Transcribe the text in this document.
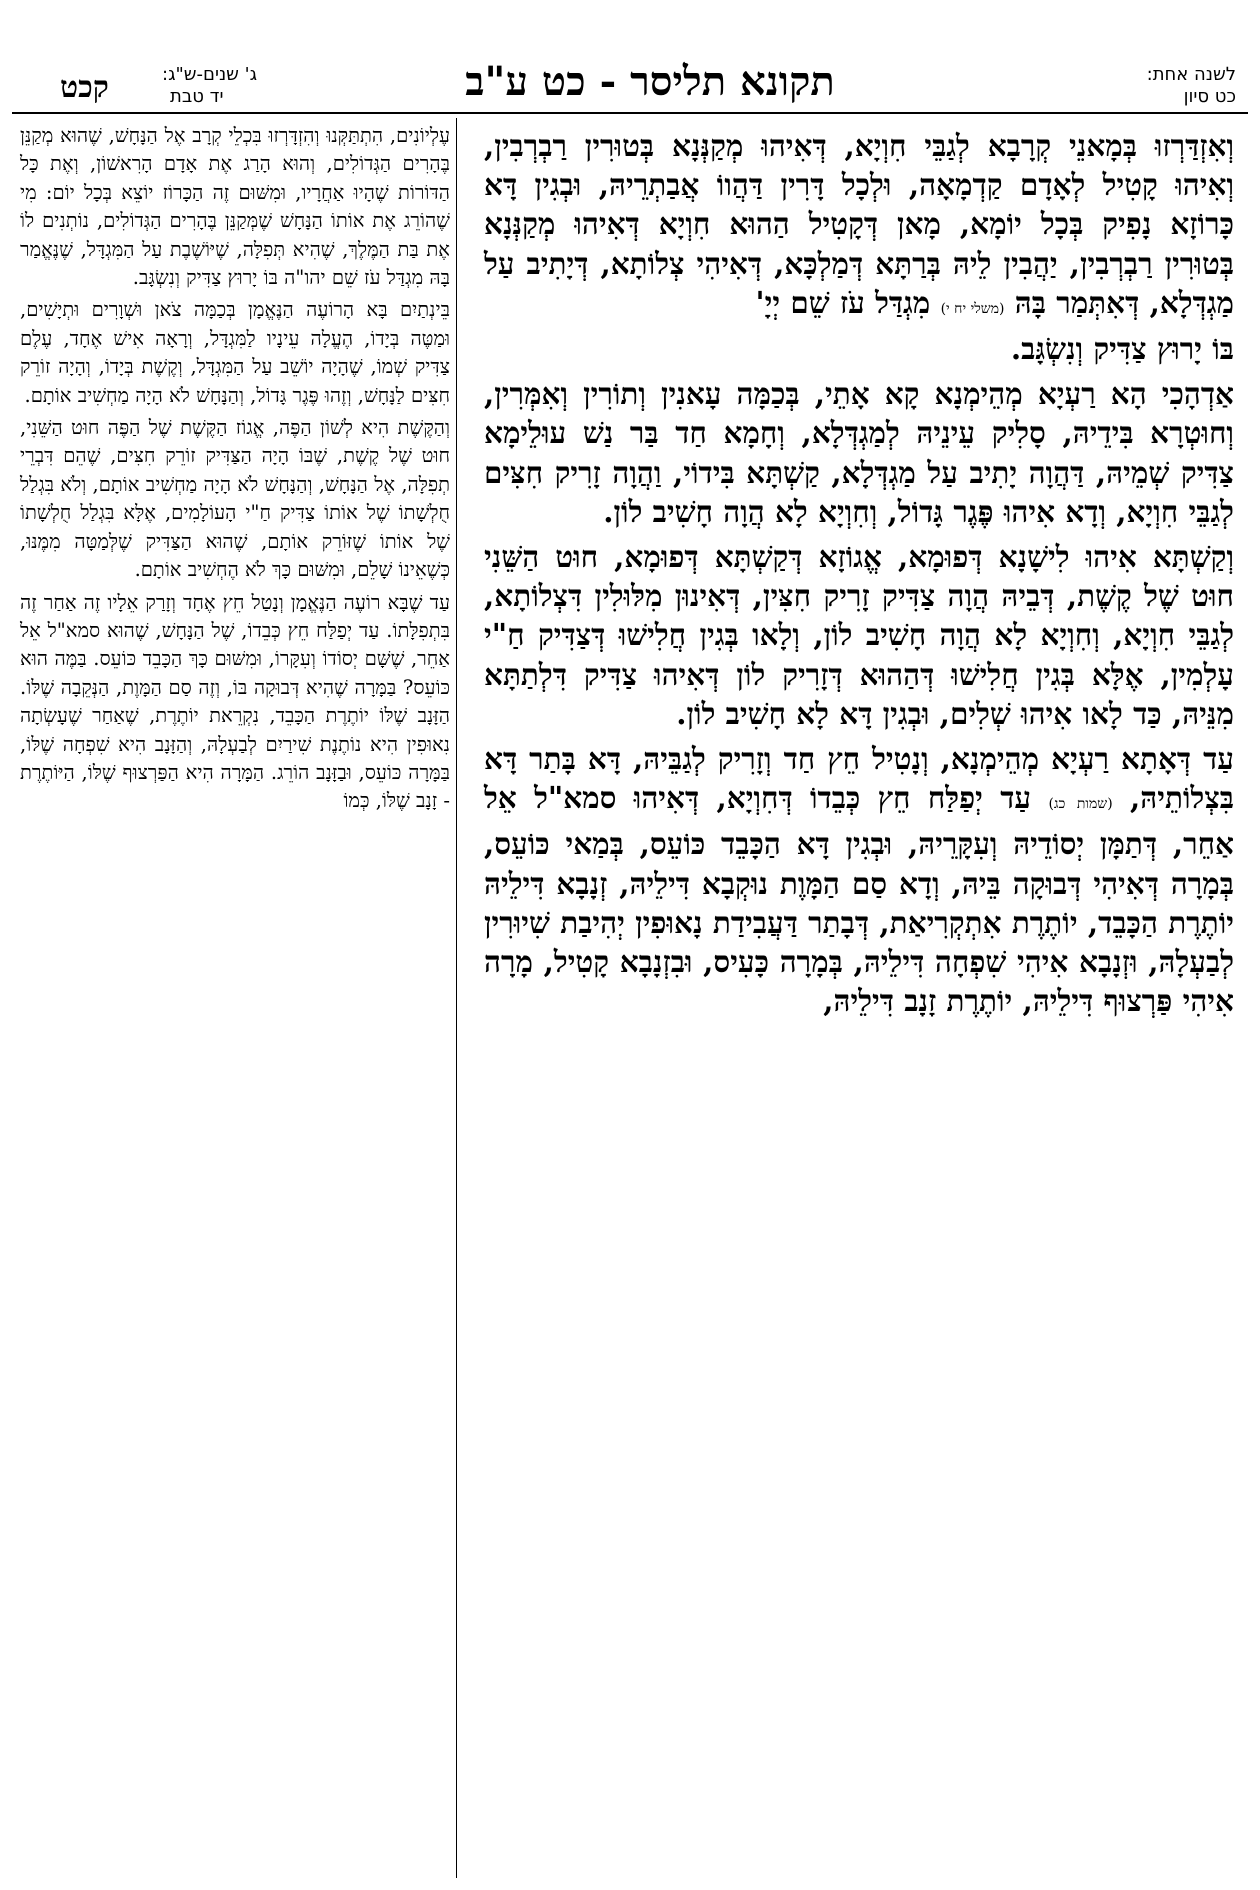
לשנה אחת:
כט סיון
תקונא תליסר - כט ע"ב
ג' שנים-ש"ג:
יד טבת
קכט

וְאִזְדַּרְזוּ בְּמָאנֵי קְרָבָא לְגַבֵּי חִוְיָא, דְּאִיהוּ מְקַנְּנָא בְּטוּרִין רַבְרְבִין, וְאִיהוּ קָטִיל לְאָדָם קַדְמָאָה, וּלְכָל דָּרִין דַּהֲווֹ אֲבַתְרֵיהּ, וּבְגִין דָּא כָּרוֹזָא נָפִיק בְּכָל יוֹמָא, מָאן דְּקָטִיל הַהוּא חִוְיָא דְּאִיהוּ מְקַנְּנָא בְּטוּרִין רַבְרְבִין, יַהֲבִין לֵיהּ בְּרַתָּא דְּמַלְכָּא, דְּאִיהִי צְלוֹתָא, דְּיָתִיב עַל מַגְדְּלָא, דְּאִתְּמַר בָּהּ (משלי יח י) מִגְדַּל עֹז שֵׁם יְיָ'
בּוֹ יָרוּץ צַדִּיק וְנִשְׂגָּב.

אַדְהָכִי הָא רַעְיָא מְהֵימְנָא קָא אָתֵי, בְּכַמָּה עָאנִין וְתוֹרִין וְאִמְּרִין, וְחוּטְרָא בִּידֵיהּ, סָלִיק עֵינֵיהּ לְמַגְדְּלָא, וְחָמָא חַד בַּר נַשׁ עוּלֵימָא צַדִּיק שְׁמֵיהּ, דַּהֲוָה יָתִיב עַל מַגְדְּלָא, קַשְׁתָּא בִּידוֹי, וַהֲוָה זָרִיק חִצִּים לְגַבֵּי חִוְיָא, וְדָא אִיהוּ פֶּגֶר גָּדוֹל, וְחִוְיָא לָא הֲוָה חָשִׁיב לוֹן.

וְקַשְׁתָּא אִיהוּ לִישָׁנָא דְּפוּמָא, אֱגוֹזָא דְּקַשְׁתָּא דְּפוּמָא, חוּט הַשֵּׁנִי חוּט שֶׁל קֶשֶׁת, דְּבֵיהּ הֲוָה צַדִּיק זָרִיק חִצִּין, דְּאִינוּן מִלּוּלִין דִּצְלוֹתָא, לְגַבֵּי חִוְיָא, וְחִוְיָא לָא הֲוָה חָשִׁיב לוֹן, וְלָאו בְּגִין חֲלִישׁוּ דְּצַדִּיק חַ"י עָלְמִין, אֶלָּא בְּגִין חֲלִישׁוּ דְּהַהוּא דְּזָרִיק לוֹן דְּאִיהוּ צַדִּיק דִּלְתַתָּא מִנֵּיהּ, כַּד לָאו אִיהוּ שְׁלִים, וּבְגִין דָּא לָא חָשִׁיב לוֹן.

עַד דְּאָתָא רַעְיָא מְהֵימְנָא, וְנָטִיל חֵץ חַד וְזָרִיק לְגַבֵּיהּ, דָּא בָּתַר דָּא בִּצְלוֹתֵיהּ, (שמות כג) עַד יְפַלַּח חֵץ כְּבֵדוֹ דְּחִוְיָא, דְּאִיהוּ סמא"ל אֵל אַחֵר, דְּתַמָּן יְסוֹדֵיהּ וְעִקָּרֵיהּ, וּבְגִין דָּא הַכָּבֵד כּוֹעֵס, בְּמַאי כּוֹעֵס, בְּמָרָה דְּאִיהִי דְּבוּקָה בֵּיהּ, וְדָא סַם הַמָּוֶת נוּקְבָא דִּילֵיהּ, זְנָבָא דִּילֵיהּ יוֹתֶרֶת הַכָּבֵד, יוֹתֶרֶת אִתְקְרִיאַת, דְּבָתַר דַּעֲבִידַת נָאוּפִין יְהִיבַת שִׁיוּרִין לְבַעְלָהּ, וּזְנָבָא אִיהִי שִׁפְחָה דִּילֵיהּ, בְּמָרָה כָּעִיס, וּבִזְנָבָא קָטִיל, מָרָה אִיהִי פַּרְצוּף דִּילֵיהּ, יוֹתֶרֶת זָנָב דִּילֵיהּ,

עֶלְיוֹנִים, הִתְתַּקְּנוּ וְהִזְדָּרְזוּ בִּכְלֵי קְרָב אֶל הַנָּחָשׁ, שֶׁהוּא מְקַנֵּן בֶּהָרִים הַגְּדוֹלִים, וְהוּא הָרַג אֶת אָדָם הָרִאשׁוֹן, וְאֶת כָּל הַדּוֹרוֹת שֶׁהָיוּ אַחֲרָיו, וּמִשּׁוּם זֶה הַכָּרוֹז יוֹצֵא בְּכָל יוֹם: מִי שֶׁהוֹרֵג אֶת אוֹתוֹ הַנָּחָשׁ שֶׁמְּקַנֵּן בֶּהָרִים הַגְּדוֹלִים, נוֹתְנִים לוֹ אֶת בַּת הַמֶּלֶךְ, שֶׁהִיא תְּפִלָּה, שֶׁיּוֹשֶׁבֶת עַל הַמִּגְדָּל, שֶׁנֶּאֱמַר בָּהּ מִגְדַּל עֹז שֵׁם יהו"ה בּוֹ יָרוּץ צַדִּיק וְנִשְׂגָּב.

בֵּינְתַיִם בָּא הָרוֹעֶה הַנֶּאֱמָן בְּכַמָּה צֹאן וּשְׁוָרִים וּתְיָשִׁים, וּמַטֶּה בְּיָדוֹ, הֶעֱלָה עֵינָיו לַמִּגְדָּל, וְרָאָה אִישׁ אֶחָד, עֶלֶם צַדִּיק שְׁמוֹ, שֶׁהָיָה יוֹשֵׁב עַל הַמִּגְדָּל, וְקֶשֶׁת בְּיָדוֹ, וְהָיָה זוֹרֵק חִצִּים לַנָּחָשׁ, וְזֶהוּ פֶּגֶר גָּדוֹל, וְהַנָּחָשׁ לֹא הָיָה מַחְשִׁיב אוֹתָם.

וְהַקֶּשֶׁת הִיא לְשׁוֹן הַפֶּה, אֱגוֹז הַקֶּשֶׁת שֶׁל הַפֶּה חוּט הַשֵּׁנִי, חוּט שֶׁל קֶשֶׁת, שֶׁבּוֹ הָיָה הַצַּדִּיק זוֹרֵק חִצִּים, שֶׁהֵם דִּבְרֵי תְפִלָּה, אֶל הַנָּחָשׁ, וְהַנָּחָשׁ לֹא הָיָה מַחְשִׁיב אוֹתָם, וְלֹא בִּגְלַל חֻלְשָׁתוֹ שֶׁל אוֹתוֹ צַדִּיק חַ"י הָעוֹלָמִים, אֶלָּא בִּגְלַל חֻלְשָׁתוֹ שֶׁל אוֹתוֹ שֶׁזּוֹרֵק אוֹתָם, שֶׁהוּא הַצַּדִּיק שֶׁלְּמַטָּה מִמֶּנּוּ, כְּשֶׁאֵינוֹ שָׁלֵם, וּמִשּׁוּם כָּךְ לֹא הֶחְשִׁיב אוֹתָם.

עַד שֶׁבָּא רוֹעֶה הַנֶּאֱמָן וְנָטַל חֵץ אֶחָד וְזָרַק אֵלָיו זֶה אַחַר זֶה בִּתְפִלָּתוֹ. עַד יְפַלַּח חֵץ כְּבֵדוֹ, שֶׁל הַנָּחָשׁ, שֶׁהוּא סמא"ל אֵל אַחֵר, שֶׁשָּׁם יְסוֹדוֹ וְעִקָּרוֹ, וּמִשּׁוּם כָּךְ הַכָּבֵד כּוֹעֵס. בַּמֶּה הוּא כּוֹעֵס? בַּמָּרָה שֶׁהִיא דְּבוּקָה בּוֹ, וְזֶה סַם הַמָּוֶת, הַנְּקֵבָה שֶׁלּוֹ. הַזָּנָב שֶׁלּוֹ יוֹתֶרֶת הַכָּבֵד, נִקְרֵאת יוֹתֶרֶת, שֶׁאַחַר שֶׁעָשְׂתָה נִאוּפִין הִיא נוֹתֶנֶת שִׁירַיִם לְבַעְלָהּ, וְהַזָּנָב הִיא שִׁפְחָה שֶׁלּוֹ, בַּמָּרָה כּוֹעֵס, וּבַזָּנָב הוֹרֵג. הַמָּרָה הִיא הַפַּרְצוּף שֶׁלּוֹ, הַיּוֹתֶרֶת - זָנָב שֶׁלּוֹ, כְּמוֹ
